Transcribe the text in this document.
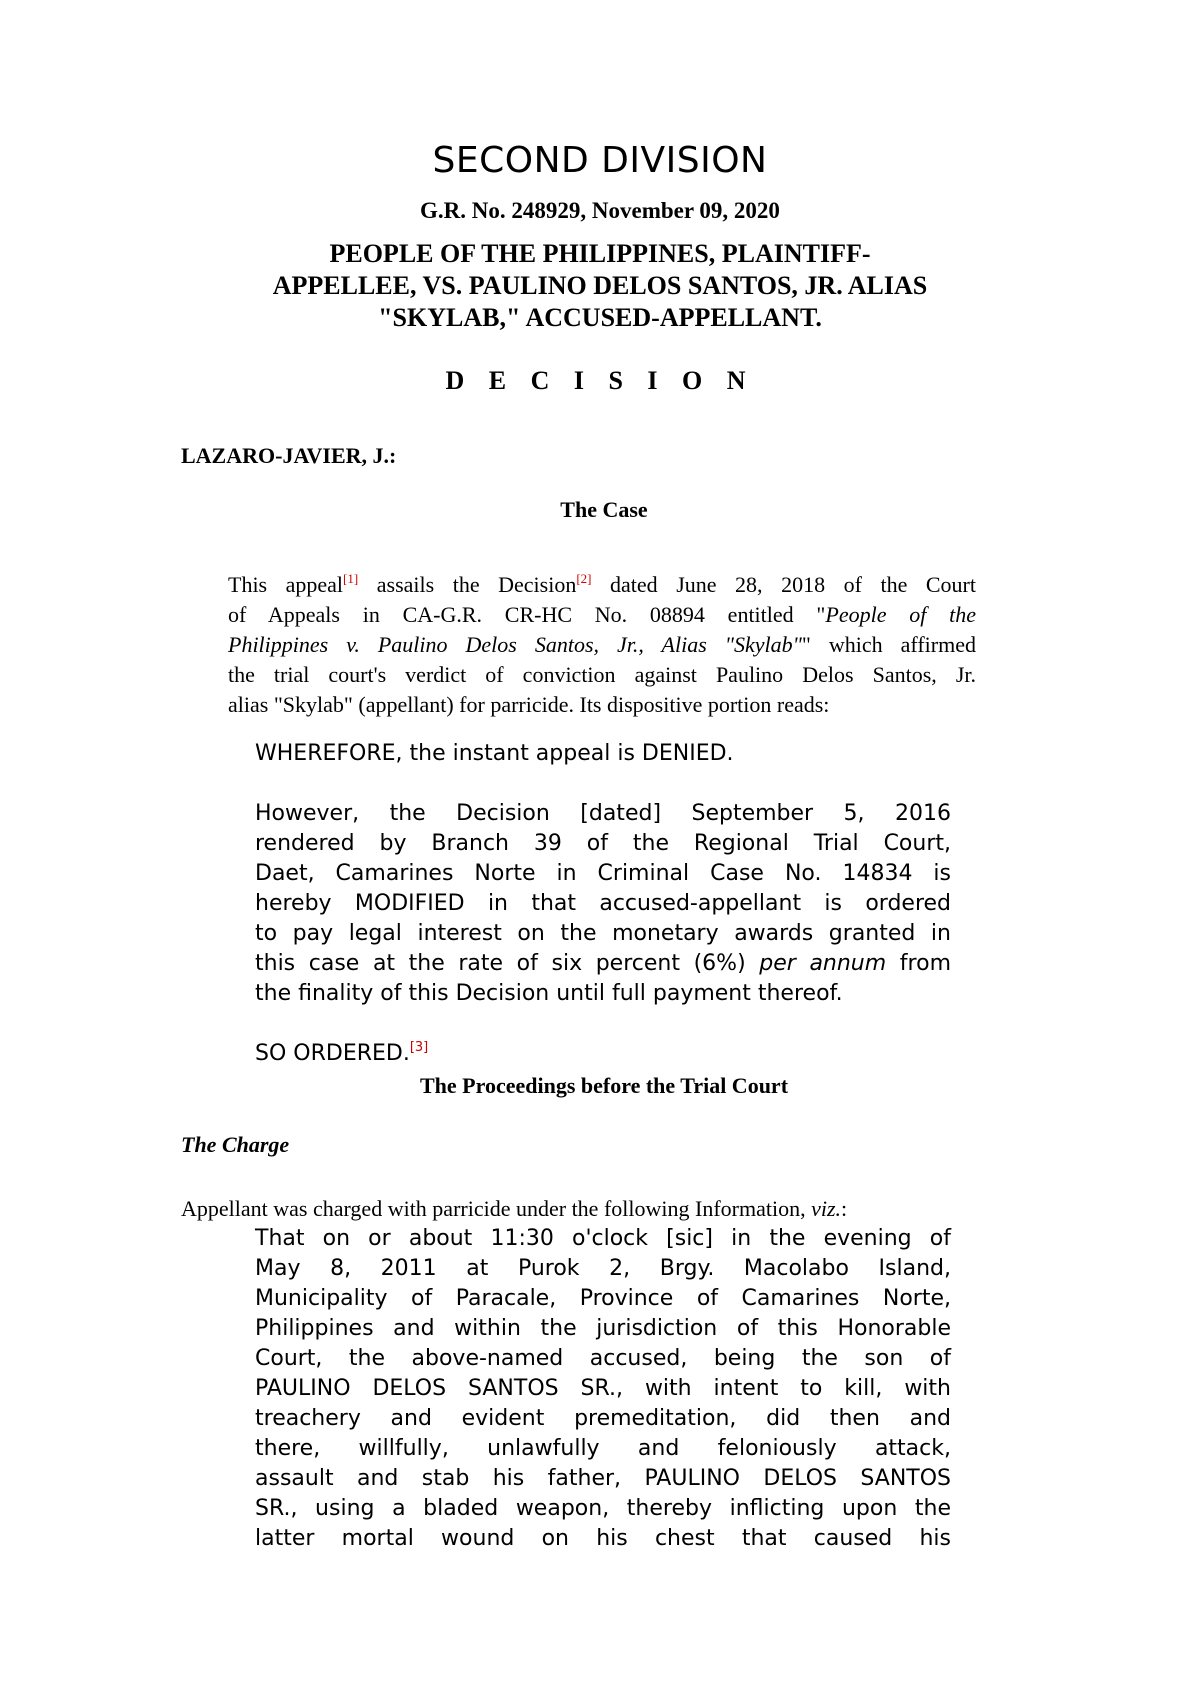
SECOND DIVISION
G.R. No. 248929, November 09, 2020
PEOPLE OF THE PHILIPPINES, PLAINTIFF-
APPELLEE, VS. PAULINO DELOS SANTOS, JR. ALIAS
"SKYLAB," ACCUSED-APPELLANT.
D E C I S I O N
LAZARO-JAVIER, J.:
The Case
This appeal[1] assails the Decision[2] dated June 28, 2018 of the Court
of Appeals in CA-G.R. CR-HC No. 08894 entitled "People of the
Philippines v. Paulino Delos Santos, Jr., Alias "Skylab"" which affirmed
the trial court's verdict of conviction against Paulino Delos Santos, Jr.
alias "Skylab" (appellant) for parricide. Its dispositive portion reads:
WHEREFORE, the instant appeal is DENIED.
However, the Decision [dated] September 5, 2016
rendered by Branch 39 of the Regional Trial Court,
Daet, Camarines Norte in Criminal Case No. 14834 is
hereby MODIFIED in that accused-appellant is ordered
to pay legal interest on the monetary awards granted in
this case at the rate of six percent (6%) per annum from
the finality of this Decision until full payment thereof.
SO ORDERED.[3]
The Proceedings before the Trial Court
The Charge
Appellant was charged with parricide under the following Information, viz.:
That on or about 11:30 o'clock [sic] in the evening of
May 8, 2011 at Purok 2, Brgy. Macolabo Island,
Municipality of Paracale, Province of Camarines Norte,
Philippines and within the jurisdiction of this Honorable
Court, the above-named accused, being the son of
PAULINO DELOS SANTOS SR., with intent to kill, with
treachery and evident premeditation, did then and
there, willfully, unlawfully and feloniously attack,
assault and stab his father, PAULINO DELOS SANTOS
SR., using a bladed weapon, thereby inflicting upon the
latter mortal wound on his chest that caused his
